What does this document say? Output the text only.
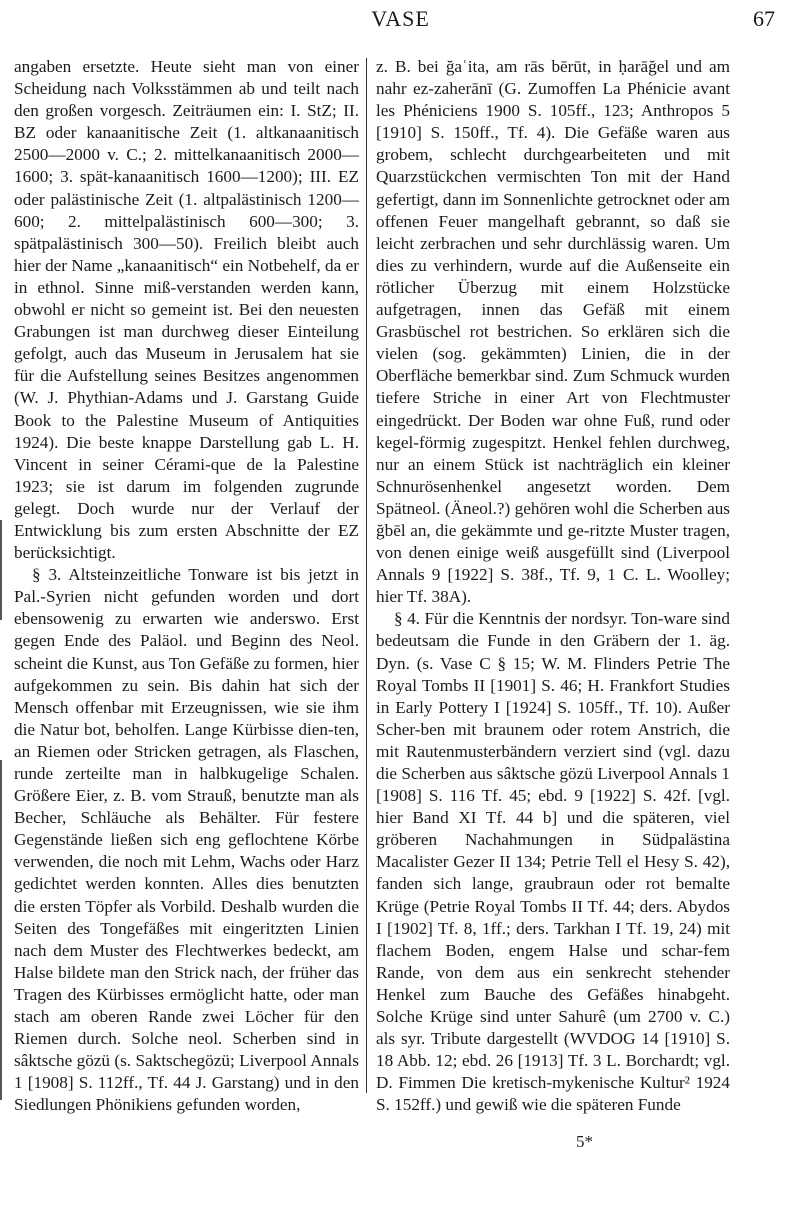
VASE	67

angaben ersetzte. Heute sieht man von einer Scheidung nach Volksstämmen ab und teilt nach den großen vorgesch. Zeiträumen ein: I. StZ; II. BZ oder kanaanitische Zeit (1. altkanaanitisch 2500—2000 v. C.; 2. mittelkanaanitisch 2000—1600; 3. spät-kanaanitisch 1600—1200); III. EZ oder palästinische Zeit (1. altpalästinisch 1200—600; 2. mittelpalästinisch 600—300; 3. spätpalästinisch 300—50). Freilich bleibt auch hier der Name „kanaanitisch“ ein Notbehelf, da er in ethnol. Sinne miß-verstanden werden kann, obwohl er nicht so gemeint ist. Bei den neuesten Grabungen ist man durchweg dieser Einteilung gefolgt, auch das Museum in Jerusalem hat sie für die Aufstellung seines Besitzes angenommen (W. J. Phythian-Adams und J. Garstang Guide Book to the Palestine Museum of Antiquities 1924). Die beste knappe Darstellung gab L. H. Vincent in seiner Cérami-que de la Palestine 1923; sie ist darum im folgenden zugrunde gelegt. Doch wurde nur der Verlauf der Entwicklung bis zum ersten Abschnitte der EZ berücksichtigt.

§ 3. Altsteinzeitliche Tonware ist bis jetzt in Pal.-Syrien nicht gefunden worden und dort ebensowenig zu erwarten wie anderswo. Erst gegen Ende des Paläol. und Beginn des Neol. scheint die Kunst, aus Ton Gefäße zu formen, hier aufgekommen zu sein. Bis dahin hat sich der Mensch offenbar mit Erzeugnissen, wie sie ihm die Natur bot, beholfen. Lange Kürbisse dien-ten, an Riemen oder Stricken getragen, als Flaschen, runde zerteilte man in halbkugelige Schalen. Größere Eier, z. B. vom Strauß, benutzte man als Becher, Schläuche als Behälter. Für festere Gegenstände ließen sich eng geflochtene Körbe verwenden, die noch mit Lehm, Wachs oder Harz gedichtet werden konnten. Alles dies benutzten die ersten Töpfer als Vorbild. Deshalb wurden die Seiten des Tongefäßes mit eingeritzten Linien nach dem Muster des Flechtwerkes bedeckt, am Halse bildete man den Strick nach, der früher das Tragen des Kürbisses ermöglicht hatte, oder man stach am oberen Rande zwei Löcher für den Riemen durch. Solche neol. Scherben sind in sâktsche gözü (s. Saktschegözü; Liverpool Annals 1 [1908] S. 112ff., Tf. 44 J. Garstang) und in den Siedlungen Phönikiens gefunden worden,

z. B. bei ğaʿita, am rās bērūt, in ḥarāğel und am nahr ez-zaherānī (G. Zumoffen La Phénicie avant les Phéniciens 1900 S. 105ff., 123; Anthropos 5 [1910] S. 150ff., Tf. 4). Die Gefäße waren aus grobem, schlecht durchgearbeiteten und mit Quarzstückchen vermischten Ton mit der Hand gefertigt, dann im Sonnenlichte getrocknet oder am offenen Feuer mangelhaft gebrannt, so daß sie leicht zerbrachen und sehr durchlässig waren. Um dies zu verhindern, wurde auf die Außenseite ein rötlicher Überzug mit einem Holzstücke aufgetragen, innen das Gefäß mit einem Grasbüschel rot bestrichen. So erklären sich die vielen (sog. gekämmten) Linien, die in der Oberfläche bemerkbar sind. Zum Schmuck wurden tiefere Striche in einer Art von Flechtmuster eingedrückt. Der Boden war ohne Fuß, rund oder kegel-förmig zugespitzt. Henkel fehlen durchweg, nur an einem Stück ist nachträglich ein kleiner Schnurösenhenkel angesetzt worden. Dem Spätneol. (Äneol.?) gehören wohl die Scherben aus ğbēl an, die gekämmte und ge-ritzte Muster tragen, von denen einige weiß ausgefüllt sind (Liverpool Annals 9 [1922] S. 38f., Tf. 9, 1 C. L. Woolley; hier Tf. 38A).

§ 4. Für die Kenntnis der nordsyr. Ton-ware sind bedeutsam die Funde in den Gräbern der 1. äg. Dyn. (s. Vase C § 15; W. M. Flinders Petrie The Royal Tombs II [1901] S. 46; H. Frankfort Studies in Early Pottery I [1924] S. 105ff., Tf. 10). Außer Scher-ben mit braunem oder rotem Anstrich, die mit Rautenmusterbändern verziert sind (vgl. dazu die Scherben aus sâktsche gözü Liverpool Annals 1 [1908] S. 116 Tf. 45; ebd. 9 [1922] S. 42f. [vgl. hier Band XI Tf. 44 b] und die späteren, viel gröberen Nachahmungen in Südpalästina Macalister Gezer II 134; Petrie Tell el Hesy S. 42), fanden sich lange, graubraun oder rot bemalte Krüge (Petrie Royal Tombs II Tf. 44; ders. Abydos I [1902] Tf. 8, 1ff.; ders. Tarkhan I Tf. 19, 24) mit flachem Boden, engem Halse und schar-fem Rande, von dem aus ein senkrecht stehender Henkel zum Bauche des Gefäßes hinabgeht. Solche Krüge sind unter Sahurê (um 2700 v. C.) als syr. Tribute dargestellt (WVDOG 14 [1910] S. 18 Abb. 12; ebd. 26 [1913] Tf. 3 L. Borchardt; vgl. D. Fimmen Die kretisch-mykenische Kultur² 1924 S. 152ff.) und gewiß wie die späteren Funde

5*
